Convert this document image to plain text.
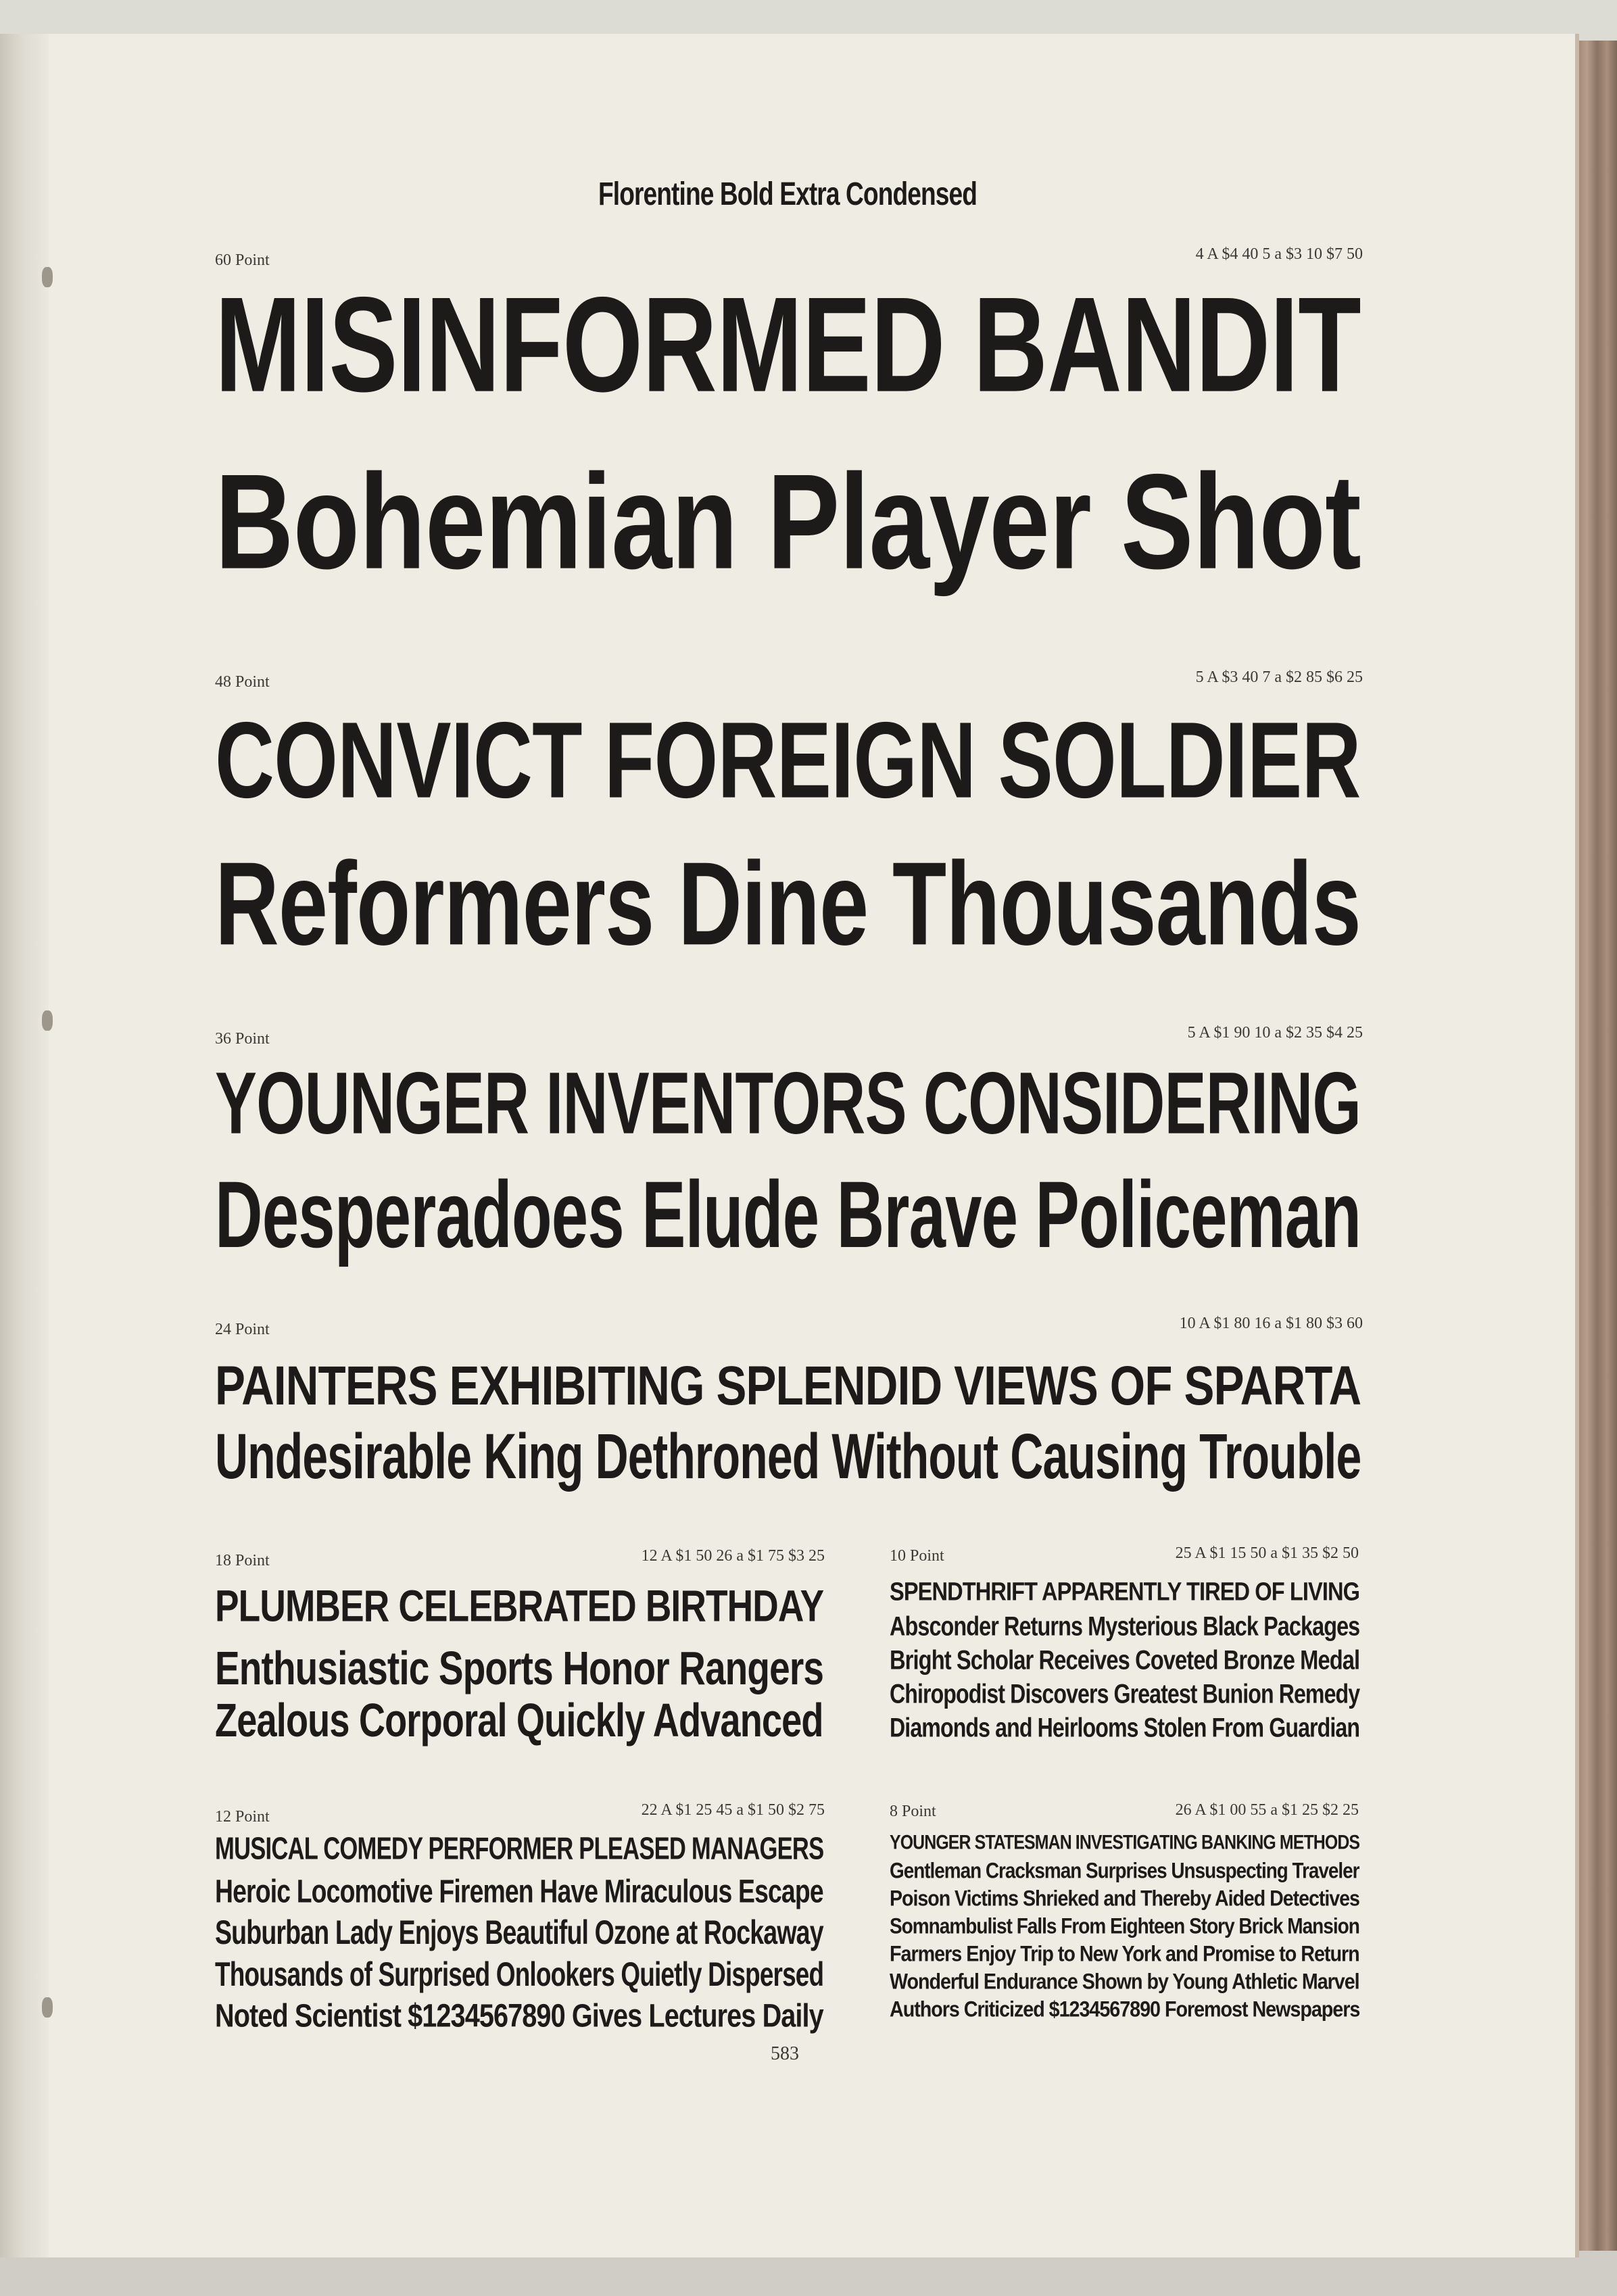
Florentine Bold Extra Condensed
60 Point	4 A $4 40 5 a $3 10 $7 50
MISINFORMED BANDIT
Bohemian Player Shot
48 Point	5 A $3 40 7 a $2 85 $6 25
CONVICT FOREIGN SOLDIER
Reformers Dine Thousands
36 Point	5 A $1 90 10 a $2 35 $4 25
YOUNGER INVENTORS CONSIDERING
Desperadoes Elude Brave Policeman
24 Point	10 A $1 80 16 a $1 80 $3 60
PAINTERS EXHIBITING SPLENDID VIEWS OF SPARTA
Undesirable King Dethroned Without Causing Trouble
18 Point	12 A $1 50 26 a $1 75 $3 25
PLUMBER CELEBRATED BIRTHDAY
Enthusiastic Sports Honor Rangers
Zealous Corporal Quickly Advanced
10 Point	25 A $1 15 50 a $1 35 $2 50
SPENDTHRIFT APPARENTLY TIRED OF LIVING
Absconder Returns Mysterious Black Packages
Bright Scholar Receives Coveted Bronze Medal
Chiropodist Discovers Greatest Bunion Remedy
Diamonds and Heirlooms Stolen From Guardian
12 Point	22 A $1 25 45 a $1 50 $2 75
MUSICAL COMEDY PERFORMER PLEASED MANAGERS
Heroic Locomotive Firemen Have Miraculous Escape
Suburban Lady Enjoys Beautiful Ozone at Rockaway
Thousands of Surprised Onlookers Quietly Dispersed
Noted Scientist $1234567890 Gives Lectures Daily
8 Point	26 A $1 00 55 a $1 25 $2 25
YOUNGER STATESMAN INVESTIGATING BANKING METHODS
Gentleman Cracksman Surprises Unsuspecting Traveler
Poison Victims Shrieked and Thereby Aided Detectives
Somnambulist Falls From Eighteen Story Brick Mansion
Farmers Enjoy Trip to New York and Promise to Return
Wonderful Endurance Shown by Young Athletic Marvel
Authors Criticized $1234567890 Foremost Newspapers
583
